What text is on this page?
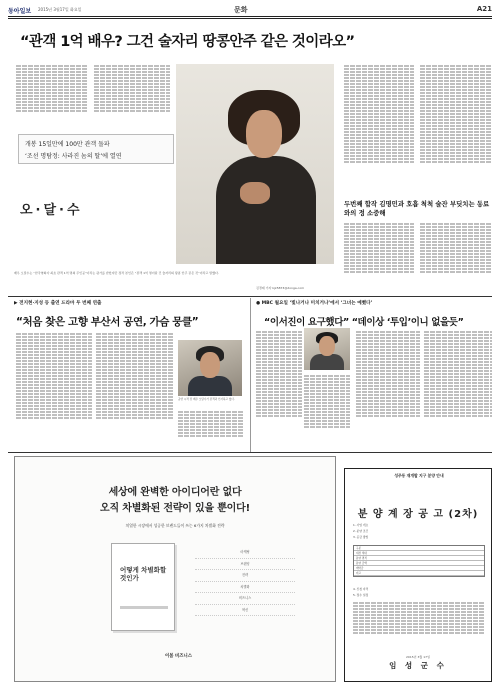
동아일보 2015년 3월17일 화요일	문화	A21
“관객 1억 배우? 그건 술자리 땅콩안주 같은 것이라오”
개봉 15일만에 100만 관객 돌파
‘조선 명탐정: 사라진 놈의 딸’에 열연
오·달·수	두번째 합작 김명민과 호흡 척척 술잔 부딪치는 동료와의 정 소중해
배우 오달수는 “한국영화사 최초 관객 1억 명의 주인공”이라는 평가를 받았지만 정작 본인은 “관객 1억 명이란 건 술자리의 땅콩 안주 같은 것”이라고 말했다.
김경제 기자 kjk5873@donga.com
▶ 전지현·지성 등 출연 드라마 두 번째 연출
“처음 찾은 고향 부산서 공연, 가슴 뭉클”
공연 시작 전 배우 오달수가 관객과 인사하고 있다.
● MBC 월요일 ‘빛나거나 미치거나’에서 ‘그녀는 예뻤다’
“이서진이 요구했다” “데이상 ‘투입’이니 없을듯”
세상에 완벽한 아이디어란 없다
오직 차별화된 전략이 있을 뿐이다!
치열한 시장에서 성공한 브랜드들이 쓰는 6가지 차별화 전략
어떻게 차별화할 것인가
마케팅
브랜딩
전략
차별화
비즈니스
혁신
이봄 비즈니스
성주동 재개발 지구 분양 안내
분 양 계 장 공 고 (2차)
1. 사업 개요
2. 분양 조건
3. 공급 방법
구분
대상 세대
분양 면적
분양 금액
계약금
비고
4. 신청 자격
5. 접수 일정
2015년 3월 17일
임 성 군 수
